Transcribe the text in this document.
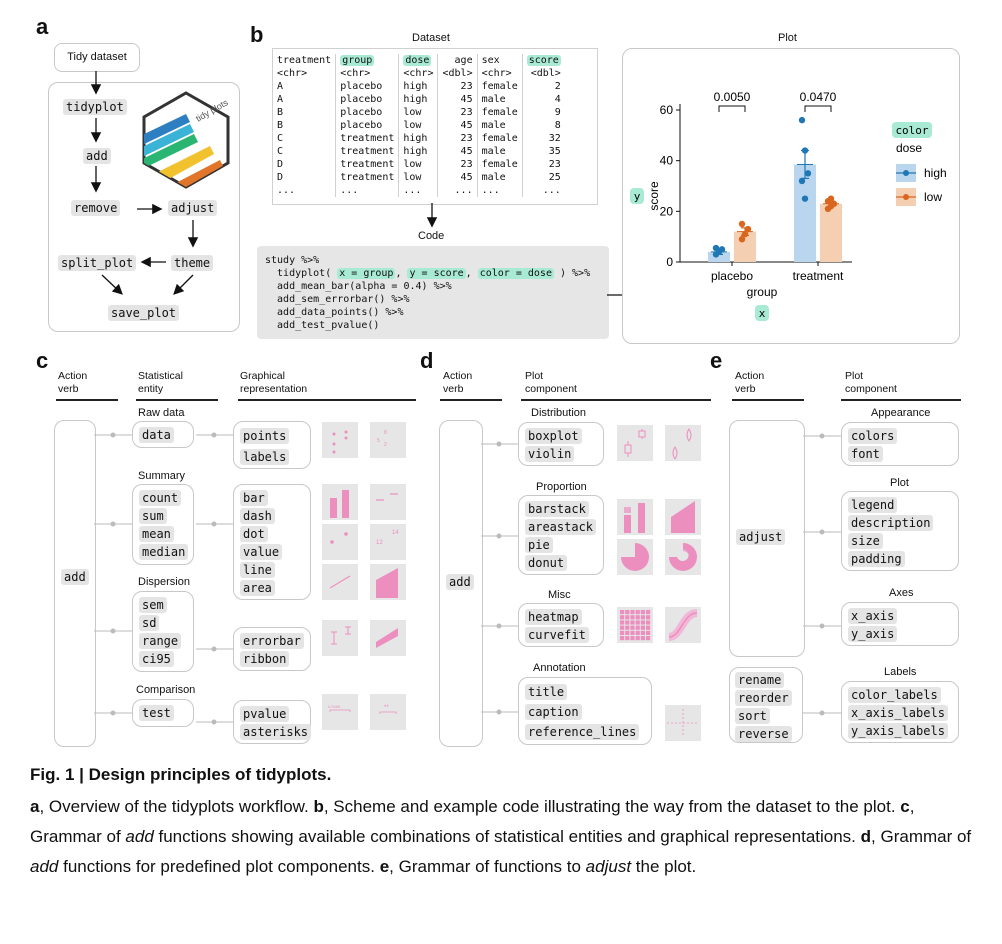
a
Tidy dataset
tidyplot
add
remove	adjust
theme
split_plot
save_plot
tidy plots
b	Dataset
treatment	group	dose	age	sex	score
<chr>	<chr>	<chr>	<dbl>	<chr>	<dbl>
A	placebo	high	23	female	2
A	placebo	high	45	male	4
B	placebo	low	23	female	9
B	placebo	low	45	male	8
C	treatment	high	23	female	32
C	treatment	high	45	male	35
D	treatment	low	23	female	23
D	treatment	low	45	male	25
...	...	...	...	...	...
Code
study %>%
tidyplot( x = group , y = score , color = dose ) %>%
add_mean_bar(alpha = 0.4) %>%
add_sem_errorbar() %>%
add_data_points() %>%
add_test_pvalue()
Plot
0
20
40
60
score
y
placebo
0.0050
treatment
0.0470
group
x
color
dose
high
low
c
Action
verb
Statistical
entity
Graphical
representation
add
Raw data
data
Summary
count
sum
mean
median
Dispersion
sem
sd
range
ci95
Comparison
test
points
labels
bar
dash
dot
value
line
area
errorbar
ribbon
pvalue
asterisks
8
5
2
12
14
0.0469	**
d
Action
verb
Plot
component
add
Distribution
boxplot
violin
Proportion
barstack
areastack
pie
donut
Misc
heatmap
curvefit
Annotation
title
caption
reference_lines
e
Action
verb
Plot
component
adjust
rename
reorder
sort
reverse
Appearance
colors
font
Plot
legend
description
size
padding
Axes
x_axis
y_axis
Labels
color_labels
x_axis_labels
y_axis_labels
Fig. 1 | Design principles of tidyplots.
a, Overview of the tidyplots workflow. b, Scheme and example code illustrating the way from the dataset to the plot. c, Grammar of add functions showing available combinations of statistical entities and graphical representations. d, Grammar of add functions for predefined plot components. e, Grammar of functions to adjust the plot.
